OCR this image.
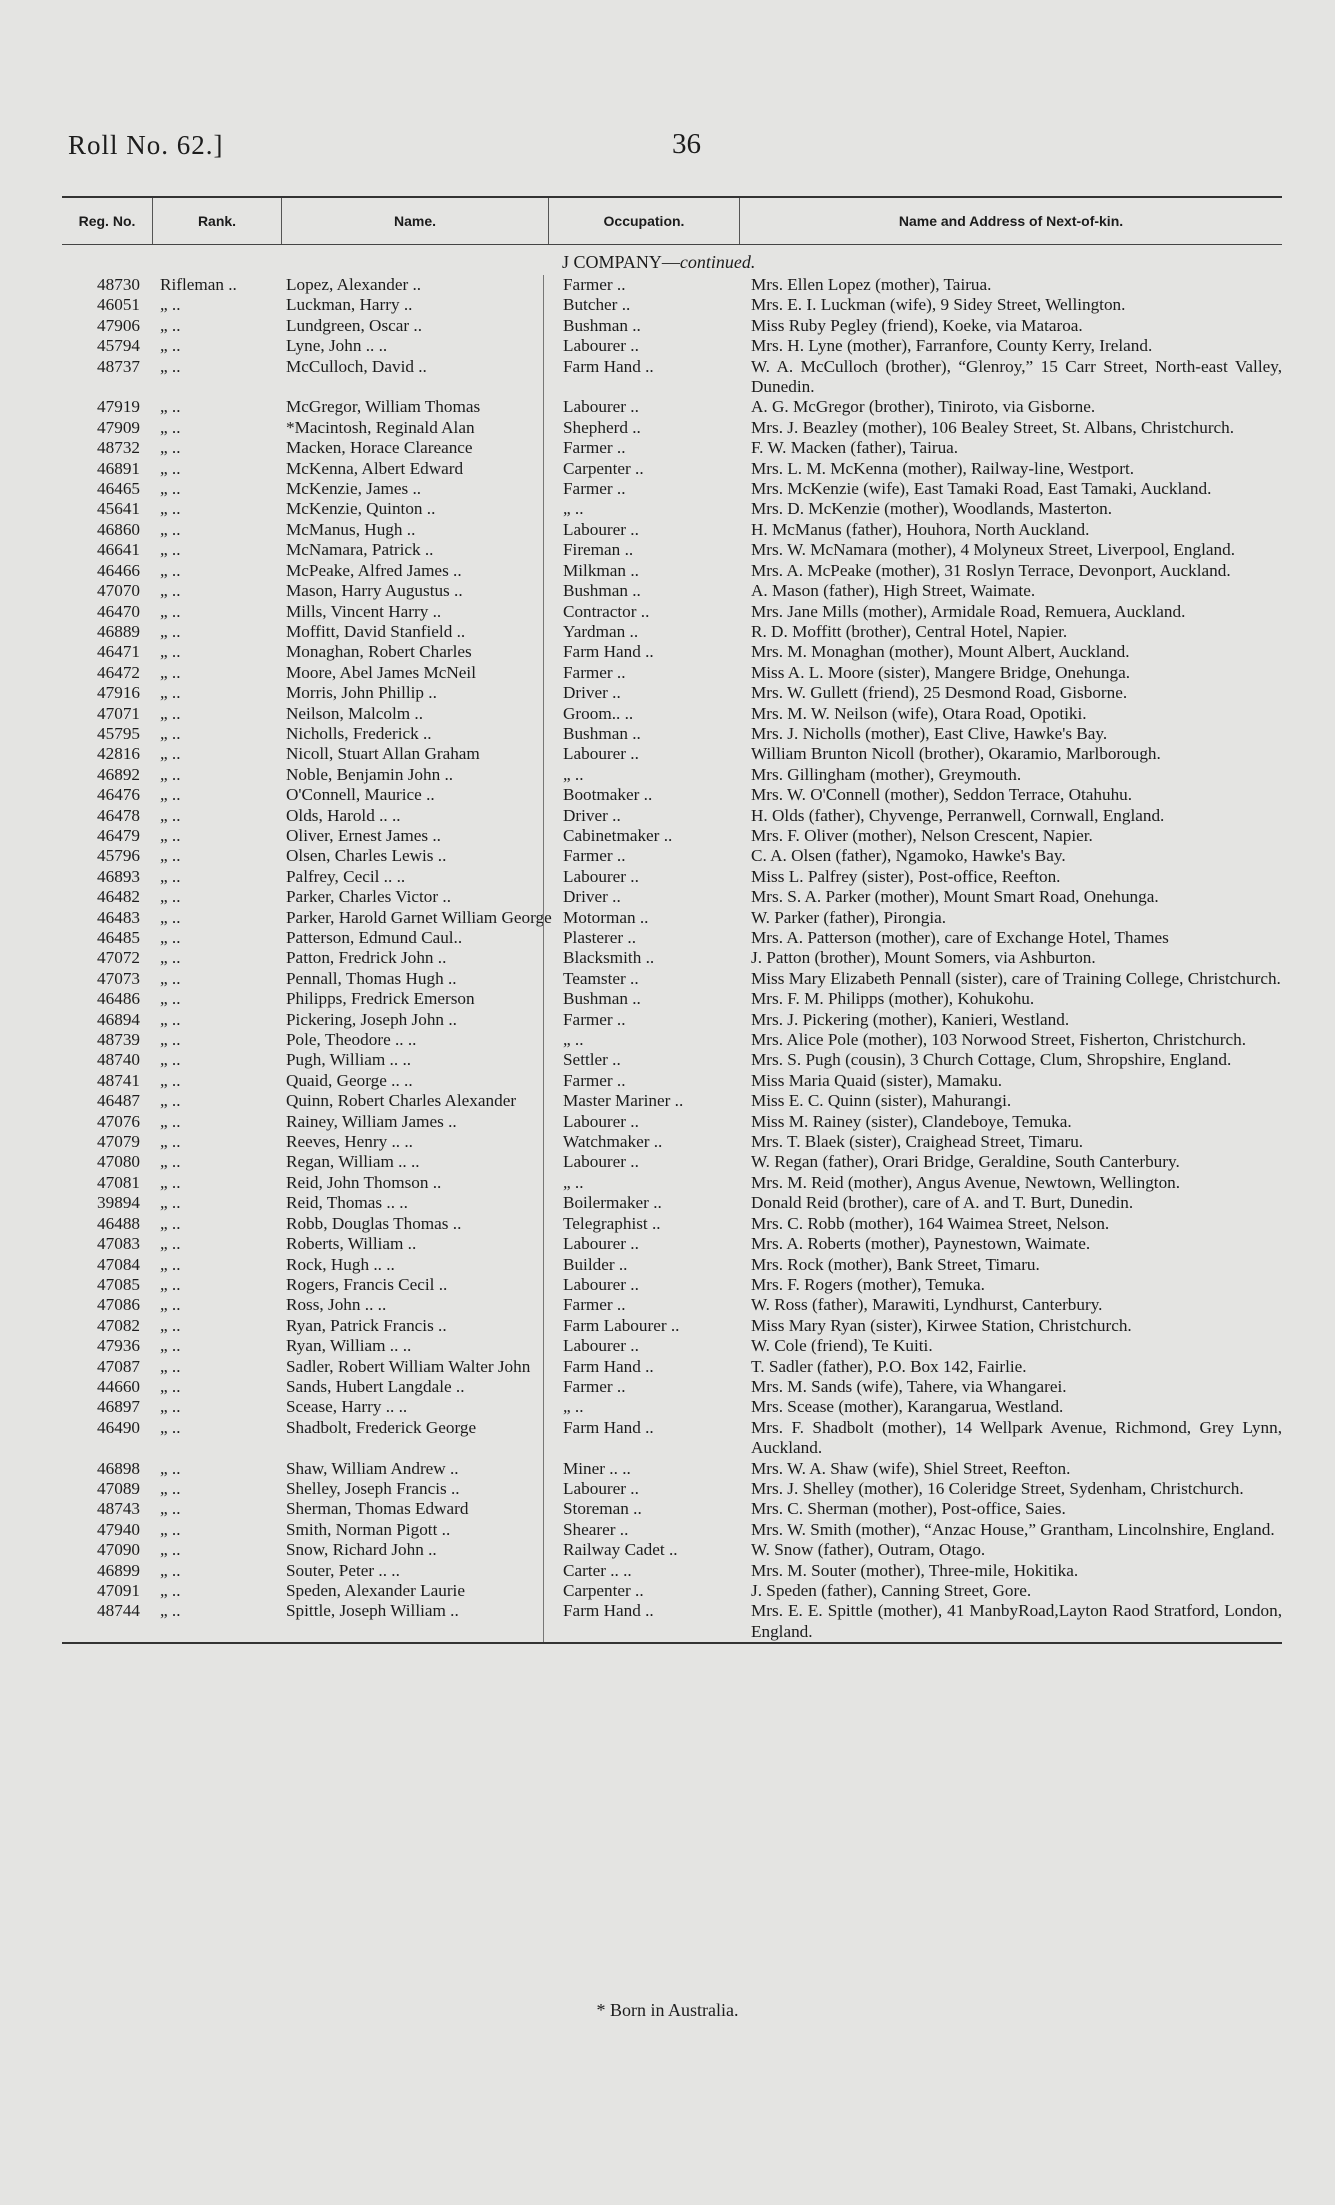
Roll No. 62.]	36
Reg. No.	Rank.	Name.	Occupation.	Name and Address of Next-of-kin.
J COMPANY—continued.
48730	Rifleman ..	Lopez, Alexander ..	Farmer ..	Mrs. Ellen Lopez (mother), Tairua.
46051	„ ..	Luckman, Harry ..	Butcher ..	Mrs. E. I. Luckman (wife), 9 Sidey Street, Wellington.
47906	„ ..	Lundgreen, Oscar ..	Bushman ..	Miss Ruby Pegley (friend), Koeke, via Mataroa.
45794	„ ..	Lyne, John .. ..	Labourer ..	Mrs. H. Lyne (mother), Farranfore, County Kerry, Ireland.
48737	„ ..	McCulloch, David ..	Farm Hand ..	W. A. McCulloch (brother), “Glenroy,” 15 Carr Street, North-east Valley, Dunedin.
47919	„ ..	McGregor, William Thomas	Labourer ..	A. G. McGregor (brother), Tiniroto, via Gisborne.
47909	„ ..	*Macintosh, Reginald Alan	Shepherd ..	Mrs. J. Beazley (mother), 106 Bealey Street, St. Albans, Christchurch.
48732	„ ..	Macken, Horace Clareance	Farmer ..	F. W. Macken (father), Tairua.
46891	„ ..	McKenna, Albert Edward	Carpenter ..	Mrs. L. M. McKenna (mother), Railway-line, Westport.
46465	„ ..	McKenzie, James ..	Farmer ..	Mrs. McKenzie (wife), East Tamaki Road, East Tamaki, Auckland.
45641	„ ..	McKenzie, Quinton ..	„ ..	Mrs. D. McKenzie (mother), Woodlands, Masterton.
46860	„ ..	McManus, Hugh ..	Labourer ..	H. McManus (father), Houhora, North Auckland.
46641	„ ..	McNamara, Patrick ..	Fireman ..	Mrs. W. McNamara (mother), 4 Molyneux Street, Liverpool, England.
46466	„ ..	McPeake, Alfred James ..	Milkman ..	Mrs. A. McPeake (mother), 31 Roslyn Terrace, Devonport, Auckland.
47070	„ ..	Mason, Harry Augustus ..	Bushman ..	A. Mason (father), High Street, Waimate.
46470	„ ..	Mills, Vincent Harry ..	Contractor ..	Mrs. Jane Mills (mother), Armidale Road, Remuera, Auckland.
46889	„ ..	Moffitt, David Stanfield ..	Yardman ..	R. D. Moffitt (brother), Central Hotel, Napier.
46471	„ ..	Monaghan, Robert Charles	Farm Hand ..	Mrs. M. Monaghan (mother), Mount Albert, Auckland.
46472	„ ..	Moore, Abel James McNeil	Farmer ..	Miss A. L. Moore (sister), Mangere Bridge, Onehunga.
47916	„ ..	Morris, John Phillip ..	Driver ..	Mrs. W. Gullett (friend), 25 Desmond Road, Gisborne.
47071	„ ..	Neilson, Malcolm ..	Groom.. ..	Mrs. M. W. Neilson (wife), Otara Road, Opotiki.
45795	„ ..	Nicholls, Frederick ..	Bushman ..	Mrs. J. Nicholls (mother), East Clive, Hawke's Bay.
42816	„ ..	Nicoll, Stuart Allan Graham	Labourer ..	William Brunton Nicoll (brother), Okaramio, Marlborough.
46892	„ ..	Noble, Benjamin John ..	„ ..	Mrs. Gillingham (mother), Greymouth.
46476	„ ..	O'Connell, Maurice ..	Bootmaker ..	Mrs. W. O'Connell (mother), Seddon Terrace, Otahuhu.
46478	„ ..	Olds, Harold .. ..	Driver ..	H. Olds (father), Chyvenge, Perranwell, Cornwall, England.
46479	„ ..	Oliver, Ernest James ..	Cabinetmaker ..	Mrs. F. Oliver (mother), Nelson Crescent, Napier.
45796	„ ..	Olsen, Charles Lewis ..	Farmer ..	C. A. Olsen (father), Ngamoko, Hawke's Bay.
46893	„ ..	Palfrey, Cecil .. ..	Labourer ..	Miss L. Palfrey (sister), Post-office, Reefton.
46482	„ ..	Parker, Charles Victor ..	Driver ..	Mrs. S. A. Parker (mother), Mount Smart Road, Onehunga.
46483	„ ..	Parker, Harold Garnet William George Motorman ..	W. Parker (father), Pirongia.
46485	„ ..	Patterson, Edmund Caul..	Plasterer ..	Mrs. A. Patterson (mother), care of Exchange Hotel, Thames
47072	„ ..	Patton, Fredrick John ..	Blacksmith ..	J. Patton (brother), Mount Somers, via Ashburton.
47073	„ ..	Pennall, Thomas Hugh ..	Teamster ..	Miss Mary Elizabeth Pennall (sister), care of Training College, Christchurch.
46486	„ ..	Philipps, Fredrick Emerson	Bushman ..	Mrs. F. M. Philipps (mother), Kohukohu.
46894	„ ..	Pickering, Joseph John ..	Farmer ..	Mrs. J. Pickering (mother), Kanieri, Westland.
48739	„ ..	Pole, Theodore .. ..	„ ..	Mrs. Alice Pole (mother), 103 Norwood Street, Fisherton, Christchurch.
48740	„ ..	Pugh, William .. ..	Settler ..	Mrs. S. Pugh (cousin), 3 Church Cottage, Clum, Shropshire, England.
48741	„ ..	Quaid, George .. ..	Farmer ..	Miss Maria Quaid (sister), Mamaku.
46487	„ ..	Quinn, Robert Charles Alexander	Master Mariner ..	Miss E. C. Quinn (sister), Mahurangi.
47076	„ ..	Rainey, William James ..	Labourer ..	Miss M. Rainey (sister), Clandeboye, Temuka.
47079	„ ..	Reeves, Henry .. ..	Watchmaker ..	Mrs. T. Blaek (sister), Craighead Street, Timaru.
47080	„ ..	Regan, William .. ..	Labourer ..	W. Regan (father), Orari Bridge, Geraldine, South Canterbury.
47081	„ ..	Reid, John Thomson ..	„ ..	Mrs. M. Reid (mother), Angus Avenue, Newtown, Wellington.
39894	„ ..	Reid, Thomas .. ..	Boilermaker ..	Donald Reid (brother), care of A. and T. Burt, Dunedin.
46488	„ ..	Robb, Douglas Thomas ..	Telegraphist ..	Mrs. C. Robb (mother), 164 Waimea Street, Nelson.
47083	„ ..	Roberts, William ..	Labourer ..	Mrs. A. Roberts (mother), Paynestown, Waimate.
47084	„ ..	Rock, Hugh .. ..	Builder ..	Mrs. Rock (mother), Bank Street, Timaru.
47085	„ ..	Rogers, Francis Cecil ..	Labourer ..	Mrs. F. Rogers (mother), Temuka.
47086	„ ..	Ross, John .. ..	Farmer ..	W. Ross (father), Marawiti, Lyndhurst, Canterbury.
47082	„ ..	Ryan, Patrick Francis ..	Farm Labourer ..	Miss Mary Ryan (sister), Kirwee Station, Christchurch.
47936	„ ..	Ryan, William .. ..	Labourer ..	W. Cole (friend), Te Kuiti.
47087	„ ..	Sadler, Robert William Walter John	Farm Hand ..	T. Sadler (father), P.O. Box 142, Fairlie.
44660	„ ..	Sands, Hubert Langdale ..	Farmer ..	Mrs. M. Sands (wife), Tahere, via Whangarei.
46897	„ ..	Scease, Harry .. ..	„ ..	Mrs. Scease (mother), Karangarua, Westland.
46490	„ ..	Shadbolt, Frederick George	Farm Hand ..	Mrs. F. Shadbolt (mother), 14 Wellpark Avenue, Richmond, Grey Lynn, Auckland.
46898	„ ..	Shaw, William Andrew ..	Miner .. ..	Mrs. W. A. Shaw (wife), Shiel Street, Reefton.
47089	„ ..	Shelley, Joseph Francis ..	Labourer ..	Mrs. J. Shelley (mother), 16 Coleridge Street, Sydenham, Christchurch.
48743	„ ..	Sherman, Thomas Edward	Storeman ..	Mrs. C. Sherman (mother), Post-office, Saies.
47940	„ ..	Smith, Norman Pigott ..	Shearer ..	Mrs. W. Smith (mother), “Anzac House,” Grantham, Lincolnshire, England.
47090	„ ..	Snow, Richard John ..	Railway Cadet ..	W. Snow (father), Outram, Otago.
46899	„ ..	Souter, Peter .. ..	Carter .. ..	Mrs. M. Souter (mother), Three-mile, Hokitika.
47091	„ ..	Speden, Alexander Laurie	Carpenter ..	J. Speden (father), Canning Street, Gore.
48744	„ ..	Spittle, Joseph William ..	Farm Hand ..	Mrs. E. E. Spittle (mother), 41 ManbyRoad,Layton Raod Stratford, London, England.
* Born in Australia.
